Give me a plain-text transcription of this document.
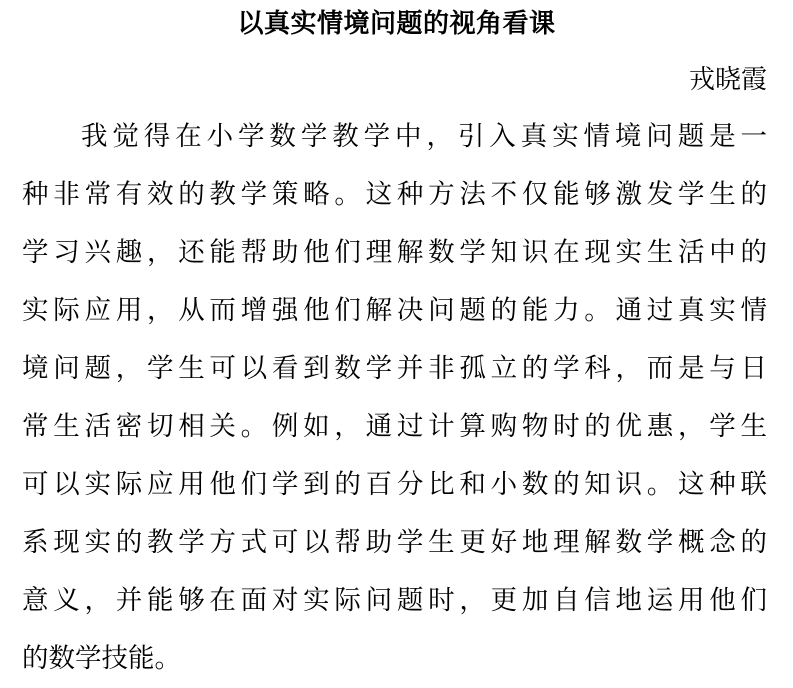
以真实情境问题的视角看课
戎晓霞
我觉得在小学数学教学中，引入真实情境问题是一
种非常有效的教学策略。这种方法不仅能够激发学生的
学习兴趣，还能帮助他们理解数学知识在现实生活中的
实际应用，从而增强他们解决问题的能力。通过真实情
境问题，学生可以看到数学并非孤立的学科，而是与日
常生活密切相关。例如，通过计算购物时的优惠，学生
可以实际应用他们学到的百分比和小数的知识。这种联
系现实的教学方式可以帮助学生更好地理解数学概念的
意义，并能够在面对实际问题时，更加自信地运用他们
的数学技能。
